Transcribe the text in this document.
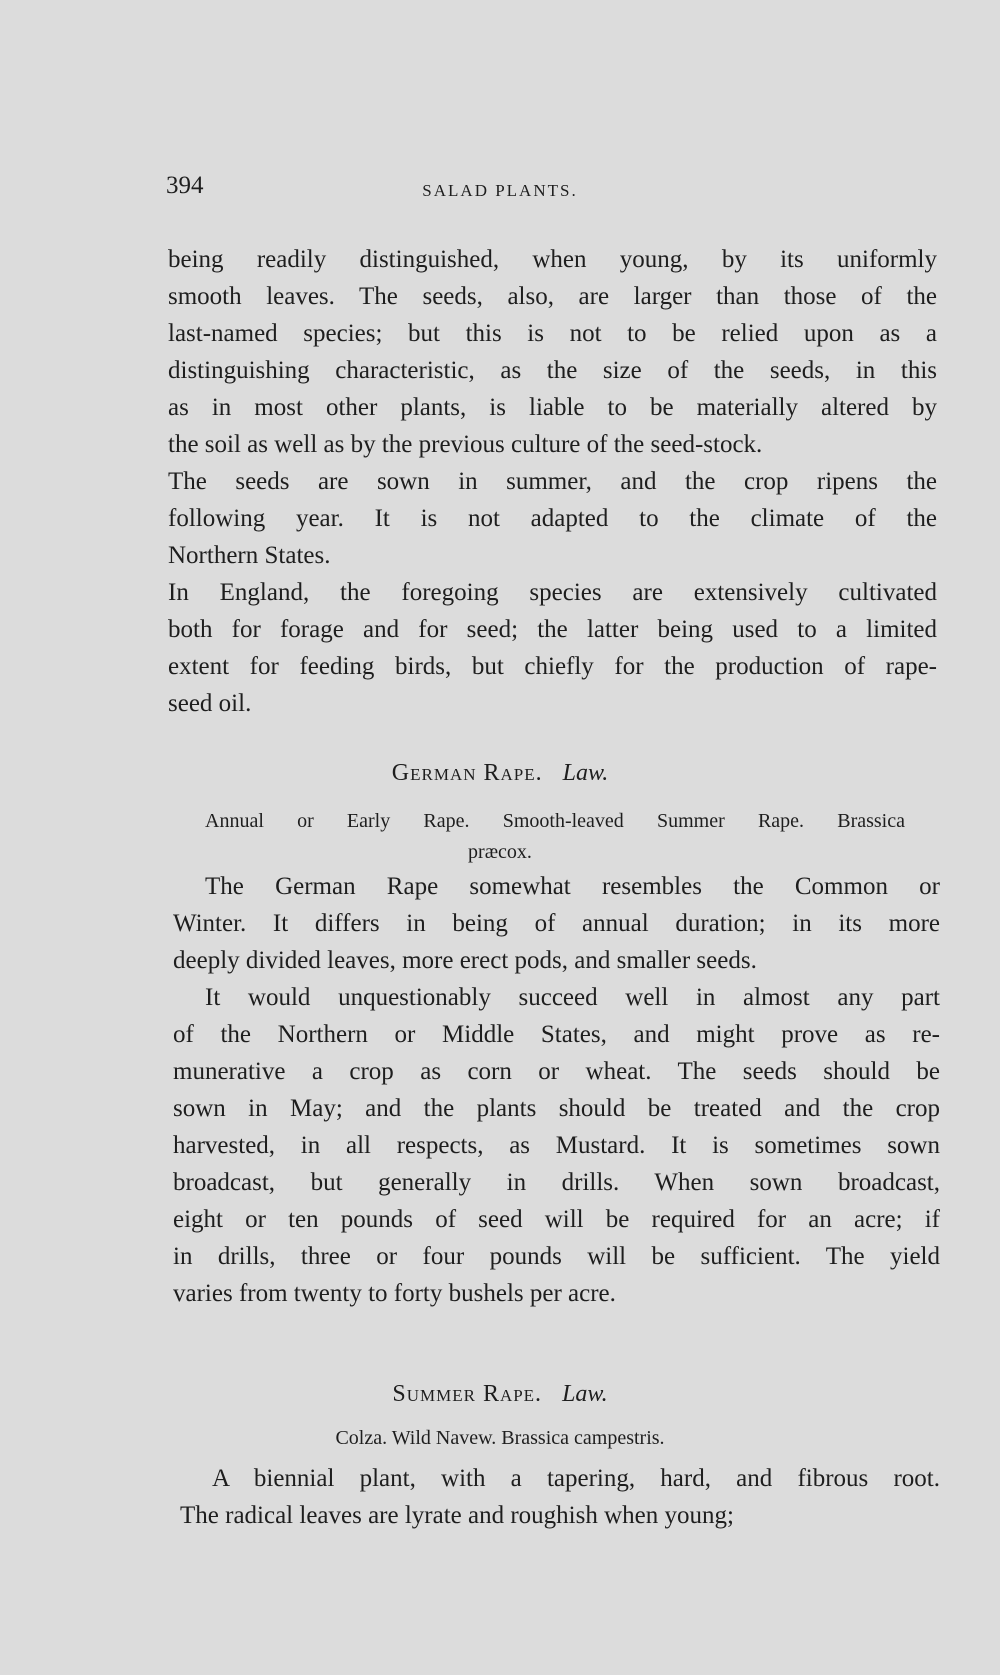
394	SALAD PLANTS.
German Rape. Law.
Annual or Early Rape. Smooth-leaved Summer Rape. Brassica
præcox.
Summer Rape. Law.
Colza. Wild Navew. Brassica campestris.
being readily distinguished, when young, by its uniformly
smooth leaves. The seeds, also, are larger than those of the
last-named species; but this is not to be relied upon as a
distinguishing characteristic, as the size of the seeds, in this
as in most other plants, is liable to be materially altered by
the soil as well as by the previous culture of the seed-stock.
The seeds are sown in summer, and the crop ripens the
following year. It is not adapted to the climate of the
Northern States.
In England, the foregoing species are extensively cultivated
both for forage and for seed; the latter being used to a limited
extent for feeding birds, but chiefly for the production of rape-
seed oil.
The German Rape somewhat resembles the Common or
Winter. It differs in being of annual duration; in its more
deeply divided leaves, more erect pods, and smaller seeds.
It would unquestionably succeed well in almost any part
of the Northern or Middle States, and might prove as re-
munerative a crop as corn or wheat. The seeds should be
sown in May; and the plants should be treated and the crop
harvested, in all respects, as Mustard. It is sometimes sown
broadcast, but generally in drills. When sown broadcast,
eight or ten pounds of seed will be required for an acre; if
in drills, three or four pounds will be sufficient. The yield
varies from twenty to forty bushels per acre.
A biennial plant, with a tapering, hard, and fibrous root.
The radical leaves are lyrate and roughish when young;
